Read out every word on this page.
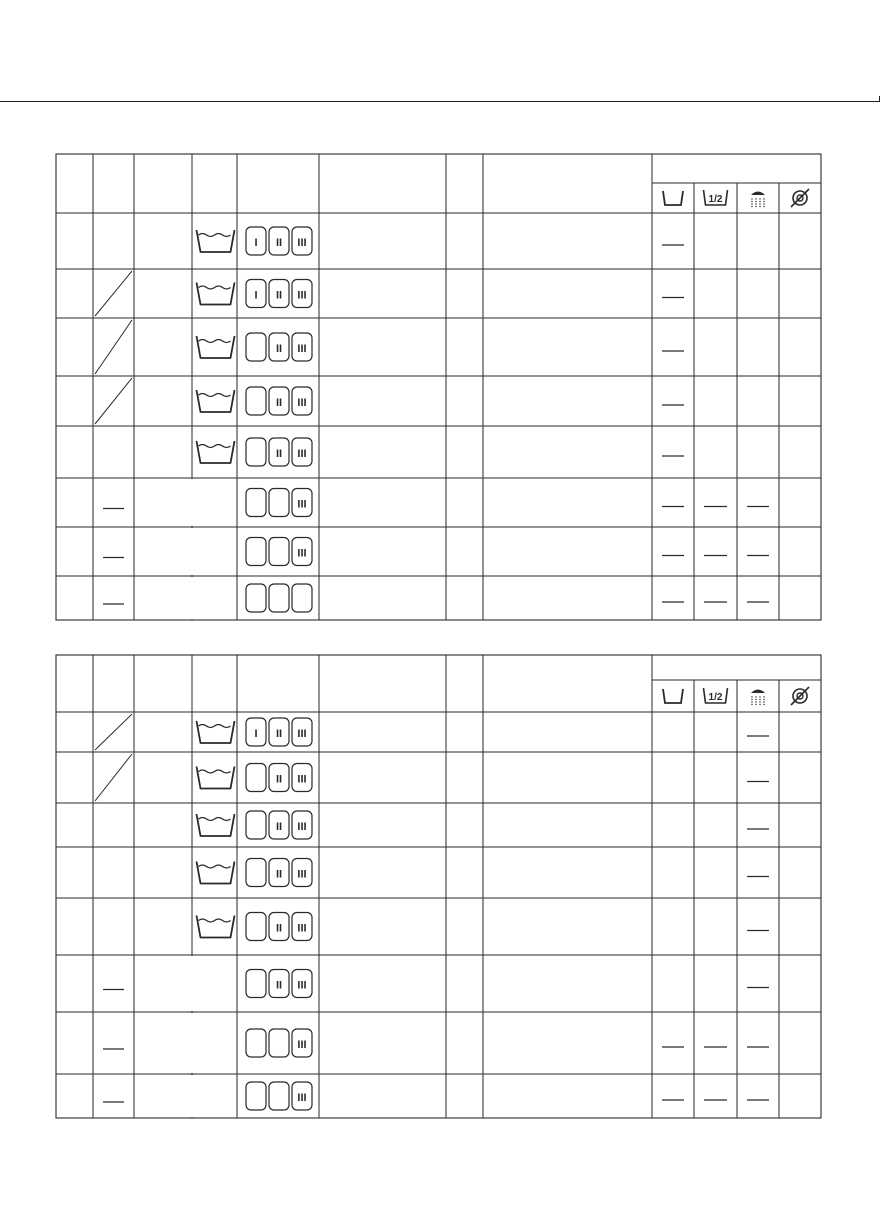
1/2
I II III
I II III
II III
II III
II III
III
III
1/2
I II III
II III
II III
II III
II III
II III
III
III
